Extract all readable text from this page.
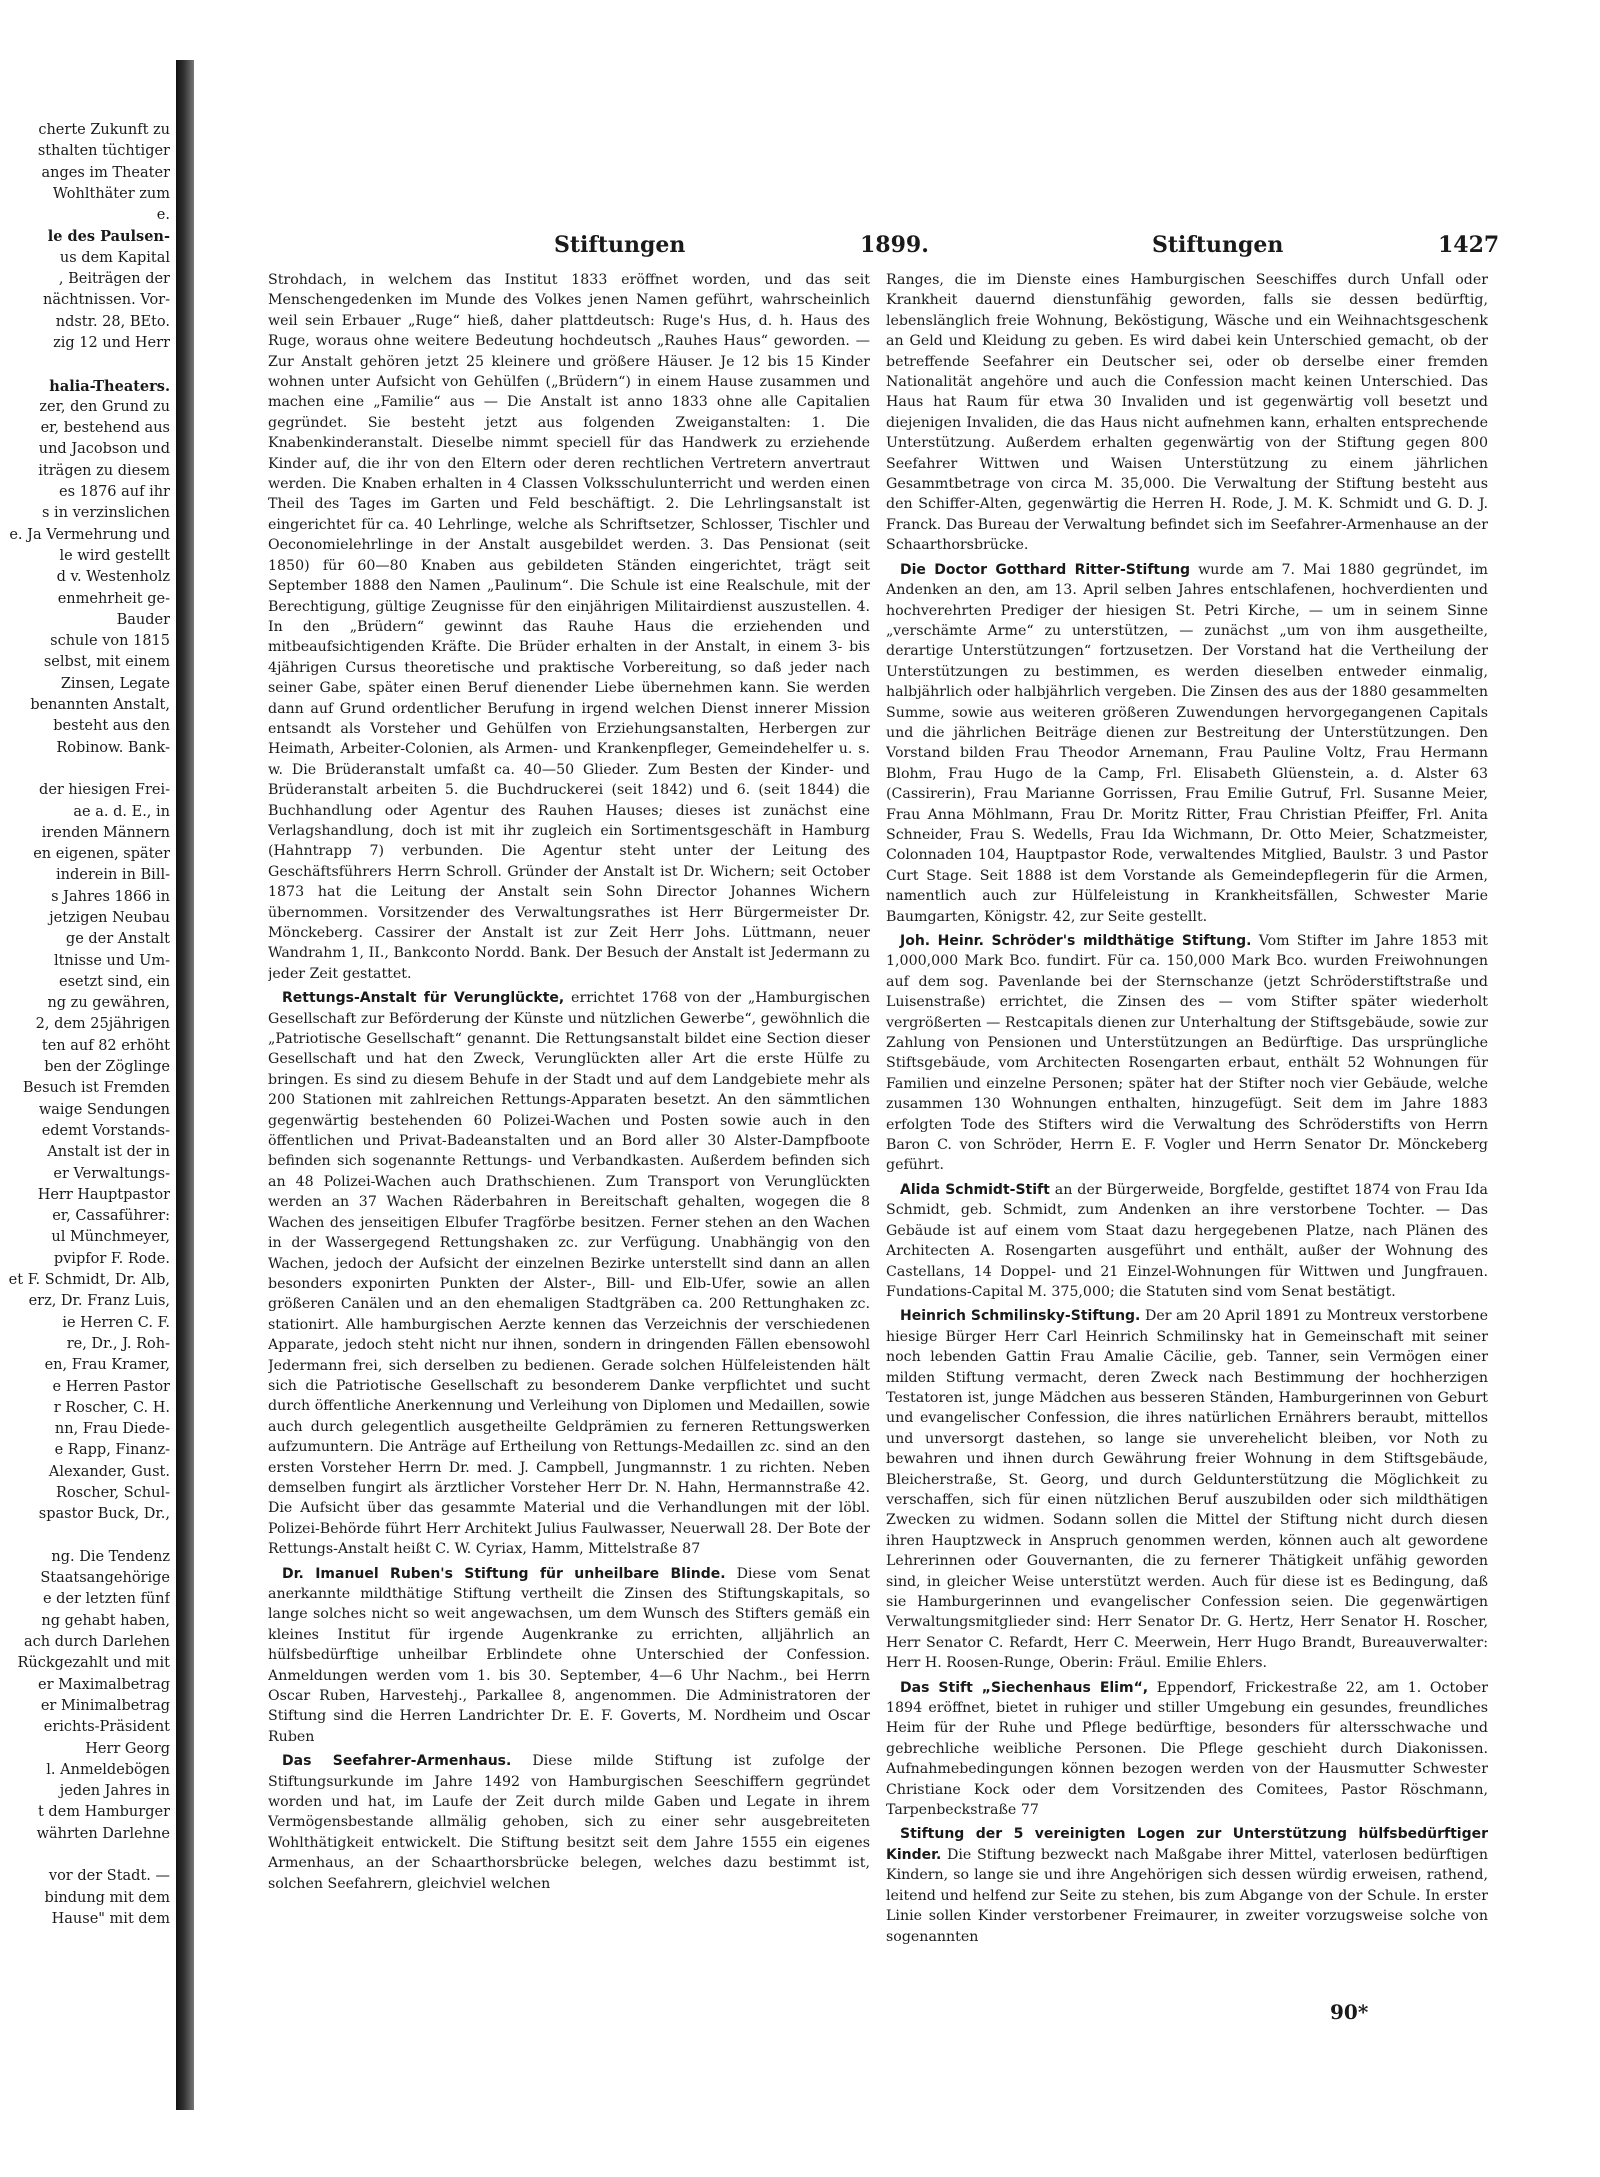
cherte Zukunft zu

sthalten tüchtiger

anges im Theater

Wohlthäter zum

e.

le des Paulsen-

us dem Kapital

, Beiträgen der

nächtnissen. Vor-

ndstr. 28, BEto.

zig 12 und Herr

halia-Theaters.

zer, den Grund zu

er, bestehend aus

und Jacobson und

iträgen zu diesem

es 1876 auf ihr

s in verzinslichen

e. Ja Vermehrung und

le wird gestellt

d v. Westenholz

enmehrheit ge-

Bauder

schule von 1815

selbst, mit einem

Zinsen, Legate

benannten Anstalt,

besteht aus den

Robinow. Bank-

der hiesigen Frei-

ae a. d. E., in

irenden Männern

en eigenen, später

inderein in Bill-

s Jahres 1866 in

jetzigen Neubau

ge der Anstalt

ltnisse und Um-

esetzt sind, ein

ng zu gewähren,

2, dem 25jährigen

ten auf 82 erhöht

ben der Zöglinge

Besuch ist Fremden

waige Sendungen

edemt Vorstands-

Anstalt ist der in

er Verwaltungs-

Herr Hauptpastor

er, Cassaführer:

ul Münchmeyer,

pvipfor F. Rode.

et F. Schmidt, Dr. Alb,

erz, Dr. Franz Luis,

ie Herren C. F.

re, Dr., J. Roh-

en, Frau Kramer,

e Herren Pastor

r Roscher, C. H.

nn, Frau Diede-

e Rapp, Finanz-

Alexander, Gust.

Roscher, Schul-

spastor Buck, Dr.,

ng. Die Tendenz

Staatsangehörige

e der letzten fünf

ng gehabt haben,

ach durch Darlehen

Rückgezahlt und mit

er Maximalbetrag

er Minimalbetrag

erichts-Präsident

Herr Georg

l. Anmeldebögen

jeden Jahres in

t dem Hamburger

währten Darlehne

vor der Stadt. —

bindung mit dem

Hause" mit dem

Stiftungen	1899.	Stiftungen	1427

Strohdach, in welchem das Institut 1833 eröffnet worden, und das seit Menschengedenken im Munde des Volkes jenen Namen geführt, wahrscheinlich weil sein Erbauer „Ruge“ hieß, daher plattdeutsch: Ruge's Hus, d. h. Haus des Ruge, woraus ohne weitere Bedeutung hochdeutsch „Rauhes Haus“ geworden. — Zur Anstalt gehören jetzt 25 kleinere und größere Häuser. Je 12 bis 15 Kinder wohnen unter Aufsicht von Gehülfen („Brüdern“) in einem Hause zusammen und machen eine „Familie“ aus — Die Anstalt ist anno 1833 ohne alle Capitalien gegründet. Sie besteht jetzt aus folgenden Zweiganstalten: 1. Die Knabenkinderanstalt. Dieselbe nimmt speciell für das Handwerk zu erziehende Kinder auf, die ihr von den Eltern oder deren rechtlichen Vertretern anvertraut werden. Die Knaben erhalten in 4 Classen Volksschulunterricht und werden einen Theil des Tages im Garten und Feld beschäftigt. 2. Die Lehrlingsanstalt ist eingerichtet für ca. 40 Lehrlinge, welche als Schriftsetzer, Schlosser, Tischler und Oeconomielehrlinge in der Anstalt ausgebildet werden. 3. Das Pensionat (seit 1850) für 60—80 Knaben aus gebildeten Ständen eingerichtet, trägt seit September 1888 den Namen „Paulinum“. Die Schule ist eine Realschule, mit der Berechtigung, gültige Zeugnisse für den einjährigen Militairdienst auszustellen. 4. In den „Brüdern“ gewinnt das Rauhe Haus die erziehenden und mitbeaufsichtigenden Kräfte. Die Brüder erhalten in der Anstalt, in einem 3- bis 4jährigen Cursus theoretische und praktische Vorbereitung, so daß jeder nach seiner Gabe, später einen Beruf dienender Liebe übernehmen kann. Sie werden dann auf Grund ordentlicher Berufung in irgend welchen Dienst innerer Mission entsandt als Vorsteher und Gehülfen von Erziehungsanstalten, Herbergen zur Heimath, Arbeiter-Colonien, als Armen- und Krankenpfleger, Gemeindehelfer u. s. w. Die Brüderanstalt umfaßt ca. 40—50 Glieder. Zum Besten der Kinder- und Brüderanstalt arbeiten 5. die Buchdruckerei (seit 1842) und 6. (seit 1844) die Buchhandlung oder Agentur des Rauhen Hauses; dieses ist zunächst eine Verlagshandlung, doch ist mit ihr zugleich ein Sortimentsgeschäft in Hamburg (Hahntrapp 7) verbunden. Die Agentur steht unter der Leitung des Geschäftsführers Herrn Schroll. Gründer der Anstalt ist Dr. Wichern; seit October 1873 hat die Leitung der Anstalt sein Sohn Director Johannes Wichern übernommen. Vorsitzender des Verwaltungsrathes ist Herr Bürgermeister Dr. Mönckeberg. Cassirer der Anstalt ist zur Zeit Herr Johs. Lüttmann, neuer Wandrahm 1, II., Bankconto Nordd. Bank. Der Besuch der Anstalt ist Jedermann zu jeder Zeit gestattet.

Rettungs-Anstalt für Verunglückte, errichtet 1768 von der „Hamburgischen Gesellschaft zur Beförderung der Künste und nützlichen Gewerbe“, gewöhnlich die „Patriotische Gesellschaft“ genannt. Die Rettungsanstalt bildet eine Section dieser Gesellschaft und hat den Zweck, Verunglückten aller Art die erste Hülfe zu bringen. Es sind zu diesem Behufe in der Stadt und auf dem Landgebiete mehr als 200 Stationen mit zahlreichen Rettungs-Apparaten besetzt. An den sämmtlichen gegenwärtig bestehenden 60 Polizei-Wachen und Posten sowie auch in den öffentlichen und Privat-Badeanstalten und an Bord aller 30 Alster-Dampfboote befinden sich sogenannte Rettungs- und Verbandkasten. Außerdem befinden sich an 48 Polizei-Wachen auch Drathschienen. Zum Transport von Verunglückten werden an 37 Wachen Räderbahren in Bereitschaft gehalten, wogegen die 8 Wachen des jenseitigen Elbufer Tragförbe besitzen. Ferner stehen an den Wachen in der Wassergegend Rettungshaken zc. zur Verfügung. Unabhängig von den Wachen, jedoch der Aufsicht der einzelnen Bezirke unterstellt sind dann an allen besonders exponirten Punkten der Alster-, Bill- und Elb-Ufer, sowie an allen größeren Canälen und an den ehemaligen Stadtgräben ca. 200 Rettunghaken zc. stationirt. Alle hamburgischen Aerzte kennen das Verzeichnis der verschiedenen Apparate, jedoch steht nicht nur ihnen, sondern in dringenden Fällen ebensowohl Jedermann frei, sich derselben zu bedienen. Gerade solchen Hülfeleistenden hält sich die Patriotische Gesellschaft zu besonderem Danke verpflichtet und sucht durch öffentliche Anerkennung und Verleihung von Diplomen und Medaillen, sowie auch durch gelegentlich ausgetheilte Geldprämien zu ferneren Rettungswerken aufzumuntern. Die Anträge auf Ertheilung von Rettungs-Medaillen zc. sind an den ersten Vorsteher Herrn Dr. med. J. Campbell, Jungmannstr. 1 zu richten. Neben demselben fungirt als ärztlicher Vorsteher Herr Dr. N. Hahn, Hermannstraße 42. Die Aufsicht über das gesammte Material und die Verhandlungen mit der löbl. Polizei-Behörde führt Herr Architekt Julius Faulwasser, Neuerwall 28. Der Bote der Rettungs-Anstalt heißt C. W. Cyriax, Hamm, Mittelstraße 87

Dr. Imanuel Ruben's Stiftung für unheilbare Blinde. Diese vom Senat anerkannte mildthätige Stiftung vertheilt die Zinsen des Stiftungskapitals, so lange solches nicht so weit angewachsen, um dem Wunsch des Stifters gemäß ein kleines Institut für irgende Augenkranke zu errichten, alljährlich an hülfsbedürftige unheilbar Erblindete ohne Unterschied der Confession. Anmeldungen werden vom 1. bis 30. September, 4—6 Uhr Nachm., bei Herrn Oscar Ruben, Harvestehj., Parkallee 8, angenommen. Die Administratoren der Stiftung sind die Herren Landrichter Dr. E. F. Goverts, M. Nordheim und Oscar Ruben

Das Seefahrer-Armenhaus. Diese milde Stiftung ist zufolge der Stiftungsurkunde im Jahre 1492 von Hamburgischen Seeschiffern gegründet worden und hat, im Laufe der Zeit durch milde Gaben und Legate in ihrem Vermögensbestande allmälig gehoben, sich zu einer sehr ausgebreiteten Wohlthätigkeit entwickelt. Die Stiftung besitzt seit dem Jahre 1555 ein eigenes Armenhaus, an der Schaarthorsbrücke belegen, welches dazu bestimmt ist, solchen Seefahrern, gleichviel welchen

Ranges, die im Dienste eines Hamburgischen Seeschiffes durch Unfall oder Krankheit dauernd dienstunfähig geworden, falls sie dessen bedürftig, lebenslänglich freie Wohnung, Beköstigung, Wäsche und ein Weihnachtsgeschenk an Geld und Kleidung zu geben. Es wird dabei kein Unterschied gemacht, ob der betreffende Seefahrer ein Deutscher sei, oder ob derselbe einer fremden Nationalität angehöre und auch die Confession macht keinen Unterschied. Das Haus hat Raum für etwa 30 Invaliden und ist gegenwärtig voll besetzt und diejenigen Invaliden, die das Haus nicht aufnehmen kann, erhalten entsprechende Unterstützung. Außerdem erhalten gegenwärtig von der Stiftung gegen 800 Seefahrer Wittwen und Waisen Unterstützung zu einem jährlichen Gesammtbetrage von circa M. 35,000. Die Verwaltung der Stiftung besteht aus den Schiffer-Alten, gegenwärtig die Herren H. Rode, J. M. K. Schmidt und G. D. J. Franck. Das Bureau der Verwaltung befindet sich im Seefahrer-Armenhause an der Schaarthorsbrücke.

Die Doctor Gotthard Ritter-Stiftung wurde am 7. Mai 1880 gegründet, im Andenken an den, am 13. April selben Jahres entschlafenen, hochverdienten und hochverehrten Prediger der hiesigen St. Petri Kirche, — um in seinem Sinne „verschämte Arme“ zu unterstützen, — zunächst „um von ihm ausgetheilte, derartige Unterstützungen“ fortzusetzen. Der Vorstand hat die Vertheilung der Unterstützungen zu bestimmen, es werden dieselben entweder einmalig, halbjährlich oder halbjährlich vergeben. Die Zinsen des aus der 1880 gesammelten Summe, sowie aus weiteren größeren Zuwendungen hervorgegangenen Capitals und die jährlichen Beiträge dienen zur Bestreitung der Unterstützungen. Den Vorstand bilden Frau Theodor Arnemann, Frau Pauline Voltz, Frau Hermann Blohm, Frau Hugo de la Camp, Frl. Elisabeth Glüenstein, a. d. Alster 63 (Cassirerin), Frau Marianne Gorrissen, Frau Emilie Gutruf, Frl. Susanne Meier, Frau Anna Möhlmann, Frau Dr. Moritz Ritter, Frau Christian Pfeiffer, Frl. Anita Schneider, Frau S. Wedells, Frau Ida Wichmann, Dr. Otto Meier, Schatzmeister, Colonnaden 104, Hauptpastor Rode, verwaltendes Mitglied, Baulstr. 3 und Pastor Curt Stage. Seit 1888 ist dem Vorstande als Gemeindepflegerin für die Armen, namentlich auch zur Hülfeleistung in Krankheitsfällen, Schwester Marie Baumgarten, Königstr. 42, zur Seite gestellt.

Joh. Heinr. Schröder's mildthätige Stiftung. Vom Stifter im Jahre 1853 mit 1,000,000 Mark Bco. fundirt. Für ca. 150,000 Mark Bco. wurden Freiwohnungen auf dem sog. Pavenlande bei der Sternschanze (jetzt Schröderstiftstraße und Luisenstraße) errichtet, die Zinsen des — vom Stifter später wiederholt vergrößerten — Restcapitals dienen zur Unterhaltung der Stiftsgebäude, sowie zur Zahlung von Pensionen und Unterstützungen an Bedürftige. Das ursprüngliche Stiftsgebäude, vom Architecten Rosengarten erbaut, enthält 52 Wohnungen für Familien und einzelne Personen; später hat der Stifter noch vier Gebäude, welche zusammen 130 Wohnungen enthalten, hinzugefügt. Seit dem im Jahre 1883 erfolgten Tode des Stifters wird die Verwaltung des Schröderstifts von Herrn Baron C. von Schröder, Herrn E. F. Vogler und Herrn Senator Dr. Mönckeberg geführt.

Alida Schmidt-Stift an der Bürgerweide, Borgfelde, gestiftet 1874 von Frau Ida Schmidt, geb. Schmidt, zum Andenken an ihre verstorbene Tochter. — Das Gebäude ist auf einem vom Staat dazu hergegebenen Platze, nach Plänen des Architecten A. Rosengarten ausgeführt und enthält, außer der Wohnung des Castellans, 14 Doppel- und 21 Einzel-Wohnungen für Wittwen und Jungfrauen. Fundations-Capital M. 375,000; die Statuten sind vom Senat bestätigt.

Heinrich Schmilinsky-Stiftung. Der am 20 April 1891 zu Montreux verstorbene hiesige Bürger Herr Carl Heinrich Schmilinsky hat in Gemeinschaft mit seiner noch lebenden Gattin Frau Amalie Cäcilie, geb. Tanner, sein Vermögen einer milden Stiftung vermacht, deren Zweck nach Bestimmung der hochherzigen Testatoren ist, junge Mädchen aus besseren Ständen, Hamburgerinnen von Geburt und evangelischer Confession, die ihres natürlichen Ernährers beraubt, mittellos und unversorgt dastehen, so lange sie unverehelicht bleiben, vor Noth zu bewahren und ihnen durch Gewährung freier Wohnung in dem Stiftsgebäude, Bleicherstraße, St. Georg, und durch Geldunterstützung die Möglichkeit zu verschaffen, sich für einen nützlichen Beruf auszubilden oder sich mildthätigen Zwecken zu widmen. Sodann sollen die Mittel der Stiftung nicht durch diesen ihren Hauptzweck in Anspruch genommen werden, können auch alt gewordene Lehrerinnen oder Gouvernanten, die zu fernerer Thätigkeit unfähig geworden sind, in gleicher Weise unterstützt werden. Auch für diese ist es Bedingung, daß sie Hamburgerinnen und evangelischer Confession seien. Die gegenwärtigen Verwaltungsmitglieder sind: Herr Senator Dr. G. Hertz, Herr Senator H. Roscher, Herr Senator C. Refardt, Herr C. Meerwein, Herr Hugo Brandt, Bureauverwalter: Herr H. Roosen-Runge, Oberin: Fräul. Emilie Ehlers.

Das Stift „Siechenhaus Elim“, Eppendorf, Frickestraße 22, am 1. October 1894 eröffnet, bietet in ruhiger und stiller Umgebung ein gesundes, freundliches Heim für der Ruhe und Pflege bedürftige, besonders für altersschwache und gebrechliche weibliche Personen. Die Pflege geschieht durch Diakonissen. Aufnahmebedingungen können bezogen werden von der Hausmutter Schwester Christiane Kock oder dem Vorsitzenden des Comitees, Pastor Röschmann, Tarpenbeckstraße 77

Stiftung der 5 vereinigten Logen zur Unterstützung hülfsbedürftiger Kinder. Die Stiftung bezweckt nach Maßgabe ihrer Mittel, vaterlosen bedürftigen Kindern, so lange sie und ihre Angehörigen sich dessen würdig erweisen, rathend, leitend und helfend zur Seite zu stehen, bis zum Abgange von der Schule. In erster Linie sollen Kinder verstorbener Freimaurer, in zweiter vorzugsweise solche von sogenannten

90*
